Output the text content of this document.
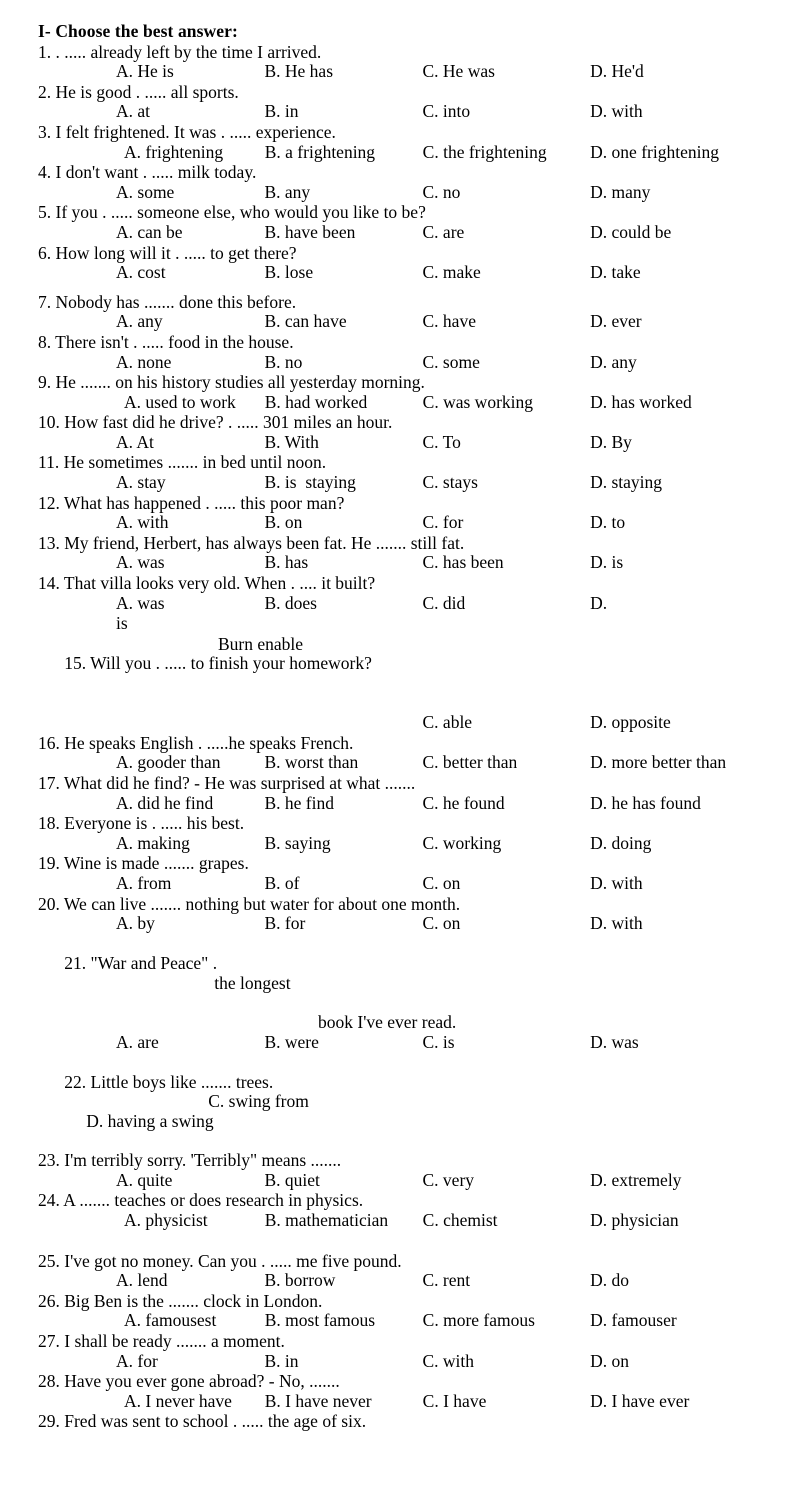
I- Choose the best answer:
1. . ..... already left by the time I arrived.
A. He is	B. He has	C. He was	D. He'd
2. He is good . ..... all sports.
A. at	B. in	C. into	D. with
3. I felt frightened. It was . ..... experience.
A. frightening	B. a frightening	C. the frightening	D. one frightening
4. I don't want . ..... milk today.
A. some	B. any	C. no	D. many
5. If you . ..... someone else, who would you like to be?
A. can be	B. have been	C. are	D. could be
6. How long will it . ..... to get there?
A. cost	B. lose	C. make	D. take
7. Nobody has ....... done this before.
A. any	B. can have	C. have	D. ever
8. There isn't . ..... food in the house.
A. none	B. no	C. some	D. any
9. He ....... on his history studies all yesterday morning.
A. used to work	B. had worked	C. was working	D. has worked
10. How fast did he drive? . ..... 301 miles an hour.
A. At	B. With	C. To	D. By
11. He sometimes ....... in bed until noon.
A. stay	B. is  staying	C. stays	D. staying
12. What has happened . ..... this poor man?
A. with	B. on	C. for	D. to
13. My friend, Herbert, has always been fat. He ....... still fat.
A. was	B. has	C. has been	D. is
14. That villa looks very old. When . .... it built?
A. was	B. does	C. did	D.
is

15. Will you . ..... to finish your homework?

Burn enable

C. able	D. opposite
16. He speaks English . .....he speaks French.
A. gooder than	B. worst than	C. better than	D. more better than
17. What did he find? - He was surprised at what .......
A. did he find	B. he find	C. he found	D. he has found
18. Everyone is . ..... his best.
A. making	B. saying	C. working	D. doing
19. Wine is made ....... grapes.
A. from	B. of	C. on	D. with
20. We can live ....... nothing but water for about one month.
A. by	B. for	C. on	D. with

21. "War and Peace" .
the longest

book I've ever read.
A. are	B. were	C. is	D. was

22. Little boys like ....... trees.
C. swing from
D. having a swing

23. I'm terribly sorry. 'Terribly" means .......
A. quite	B. quiet	C. very	D. extremely
24. A ....... teaches or does research in physics.
A. physicist	B. mathematician	C. chemist	D. physician
25. I've got no money. Can you . ..... me five pound.
A. lend	B. borrow	C. rent	D. do
26. Big Ben is the ....... clock in London.
A. famousest	B. most famous	C. more famous	D. famouser
27. I shall be ready ....... a moment.
A. for	B. in	C. with	D. on
28. Have you ever gone abroad? - No, .......
A. I never have	B. I have never	C. I have	D. I have ever
29. Fred was sent to school . ..... the age of six.
